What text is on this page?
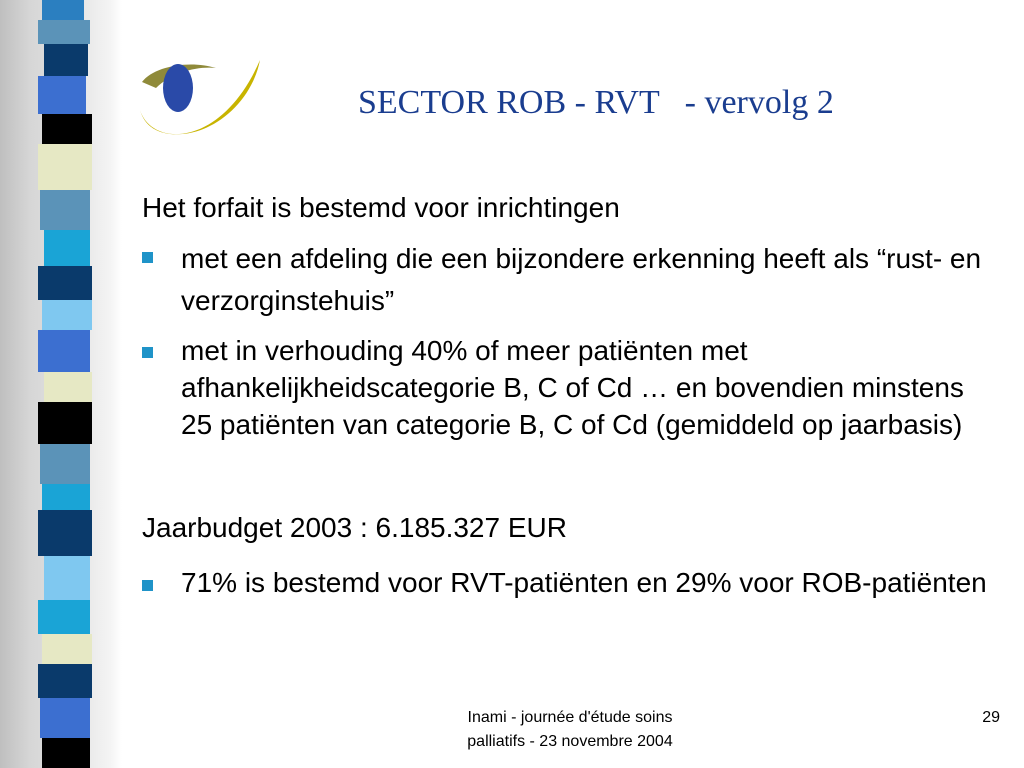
SECTOR ROB - RVT   - vervolg 2
Het forfait is bestemd voor inrichtingen
met een afdeling die een bijzondere erkenning heeft als “rust- en verzorginstehuis”
met in verhouding 40% of meer patiënten met afhankelijkheidscategorie B, C of Cd … en bovendien minstens 25 patiënten van categorie B, C of Cd (gemiddeld op jaarbasis)
Jaarbudget 2003 : 6.185.327 EUR
71% is bestemd voor RVT-patiënten en 29% voor ROB-patiënten
Inami - journée d'étude soins
palliatifs - 23 novembre 2004
29
